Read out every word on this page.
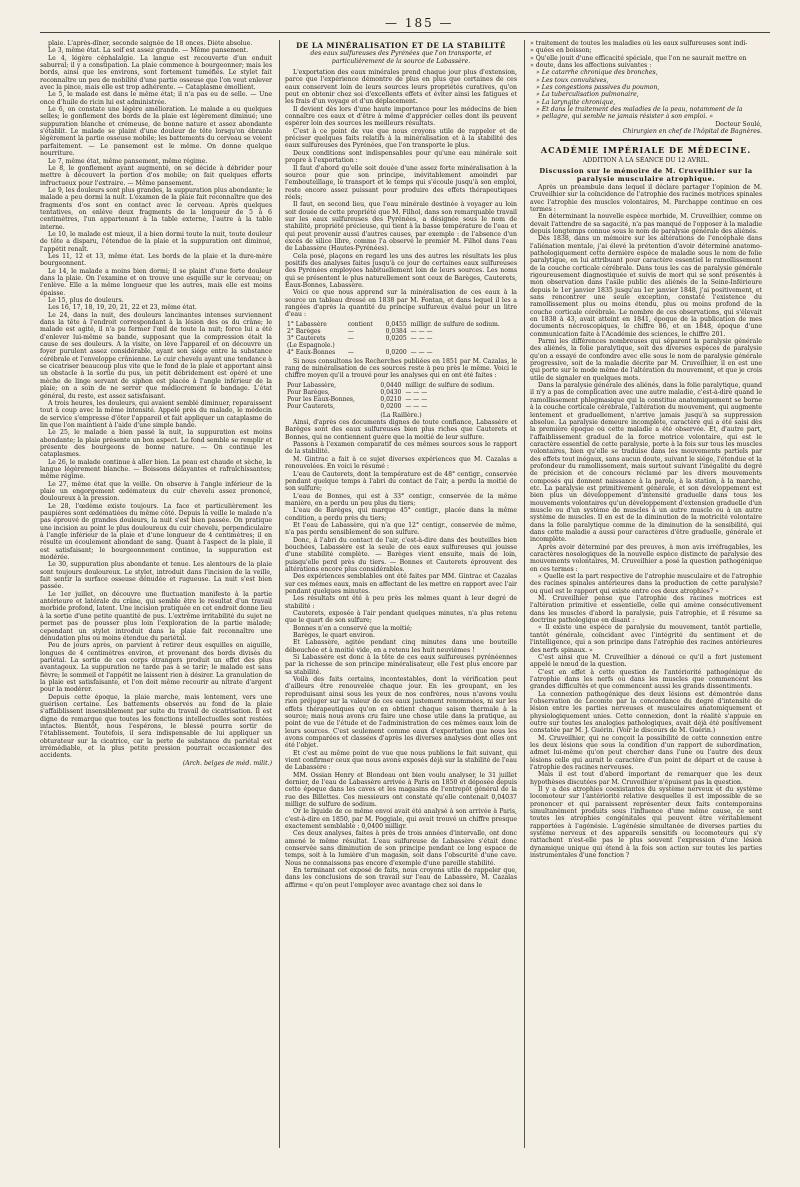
— 185 —

plaie. L'après-dîner, seconde saignée de 18 onces. Diète absolue.

Le 3, même état. La soif est assez grande. — Même pansement.

Le 4, légère céphalalgie. La langue est recouverte d'un enduit saburral; il y a constipation. La plaie commence à bourgeonner; mais les bords, ainsi que les environs, sont fortement tuméfiés. Le stylet fait reconnaître un peu de mobilité d'une partie osseuse que l'on veut enlever avec la pince, mais elle est trop adhérente. — Cataplasme émollient.

Le 5, le malade est dans le même état; il n'a pas eu de selle. — Une once d'huile de ricin lui est administrée.

Le 6, on constate une légère amélioration. Le malade a eu quelques selles; le gonflement des bords de la plaie est légèrement diminué; une suppuration blanche et crémeuse, de bonne nature et assez abondante s'établit. Le malade se plaint d'une douleur de tête lorsqu'on ébranle légèrement la partie osseuse mobile; les battements du cerveau se voient parfaitement. — Le pansement est le même. On donne quelque nourriture.

Le 7, même état, même pansement, même régime.

Le 8, le gonflement ayant augmenté, on se décide à débrider pour mettre à découvert la portion d'os mobile; on fait quelques efforts infructueux pour l'extraire. — Même pansement.

Le 9, les douleurs sont plus grandes, la suppuration plus abondante; le malade a peu dormi la nuit. L'examen de la plaie fait reconnaître que des fragments d'os sont en contact avec le cerveau. Après quelques tentatives, on enlève deux fragments de la longueur de 5 à 6 centimètres, l'un appartenant à la table externe, l'autre à la table interne.

Le 10, le malade est mieux, il a bien dormi toute la nuit, toute douleur de tête a disparu, l'étendue de la plaie et la suppuration ont diminué, l'appétit renaît.

Les 11, 12 et 13, même état. Les bords de la plaie et la dure-mère bourgeonnent.

Le 14, le malade a moins bien dormi; il se plaint d'une forte douleur dans la plaie. On l'examine et on trouve une esquille sur le cerveau; on l'enlève. Elle a la même longueur que les autres, mais elle est moins épaisse.

Le 15, plus de douleurs.

Les 16, 17, 18, 19, 20, 21, 22 et 23, même état.

Le 24, dans la nuit, des douleurs lancinantes intenses surviennent dans la tête à l'endroit correspondant à la lésion des os du crâne; le malade est agité, il n'a pu fermer l'œil de toute la nuit; force lui a été d'enlever lui-même sa bande, supposant que la compression était la cause de ses douleurs. A la visite, on lève l'appareil et on découvre un foyer purulent assez considérable, ayant son siége entre la substance cérébrale et l'enveloppe crânienne. Le cuir chevelu ayant une tendance à se cicatriser beaucoup plus vite que le fond de la plaie et apportant ainsi un obstacle à la sortie du pus, un petit débridement est opéré et une mèche de linge servant de siphon est placée à l'angle inférieur de la plaie; on a soin de ne serrer que médiocrement le bandage. L'état général, du reste, est assez satisfaisant.

A trois heures, les douleurs, qui avaient semblé diminuer, reparaissent tout à coup avec la même intensité. Appelé près du malade, le médecin de service s'empresse d'ôter l'appareil et fait appliquer un cataplasme de lin que l'on maintient à l'aide d'une simple bande.

Le 25, le malade a bien passé la nuit, la suppuration est moins abondante; la plaie présente un bon aspect. Le fond semble se remplir et présente des bourgeons de bonne nature. — On continue les cataplasmes.

Le 26, le malade continue à aller bien. La peau est chaude et sèche, la langue légèrement blanche. — Boissons délayantes et rafraîchissantes; même régime.

Le 27, même état que la veille. On observe à l'angle inférieur de la plaie un engorgement œdémateux du cuir chevelu assez prononcé, douloureux à la pression.

Le 28, l'œdème existe toujours. La face et particulièrement les paupières sont œdématiées du même côté. Depuis la veille le malade n'a pas éprouvé de grandes douleurs, la nuit s'est bien passée. On pratique une incision au point le plus douloureux du cuir chevelu, perpendiculaire à l'angle inférieur de la plaie et d'une longueur de 4 centimètres; il en résulte un écoulement abondant de sang. Quant à l'aspect de la plaie, il est satisfaisant; le bourgeonnement continue, la suppuration est modérée.

Le 30, suppuration plus abondante et tenue. Les alentours de la plaie sont toujours douloureux. Le stylet, introduit dans l'incision de la veille, fait sentir la surface osseuse dénudée et rugueuse. La nuit s'est bien passée.

Le 1er juillet, on découvre une fluctuation manifeste à la partie antérieure et latérale du crâne, qui semble être le résultat d'un travail morbide profond, latent. Une incision pratiquée en cet endroit donne lieu à la sortie d'une petite quantité de pus. L'extrême irritabilité du sujet ne permet pas de pousser plus loin l'exploration de la partie malade; cependant un stylet introduit dans la plaie fait reconnaître une dénudation plus ou moins étendue du pariétal.

Peu de jours après, on parvient à retirer deux esquilles en aiguille, longues de 4 centimètres environ, et provenant des bords divisés du pariétal. La sortie de ces corps étrangers produit un effet des plus avantageux. La suppuration ne tarde pas à se tarir; le malade est sans fièvre; le sommeil et l'appétit ne laissent rien à désirer. La granulation de la plaie est satisfaisante, et l'on doit même recourir au nitrate d'argent pour la modérer.

Depuis cette époque, la plaie marche, mais lentement, vers une guérison certaine. Les battements observés au fond de la plaie s'affaiblissent insensiblement par suite du travail de cicatrisation. Il est digne de remarque que toutes les fonctions intellectuelles sont restées intactes. Bientôt, nous l'espérons, le blessé pourra sortir de l'établissement. Toutefois, il sera indispensable de lui appliquer un obturateur sur la cicatrice, car la perte de substance du pariétal est irrémédiable, et la plus petite pression pourrait occasionner des accidents.

(Arch. belges de méd. milit.)

DE LA MINÉRALISATION ET DE LA STABILITÉ
des eaux sulfureuses des Pyrénées que l'on transporte, et particulièrement de la source de Labassère.

L'exportation des eaux minérales prend chaque jour plus d'extension, parce que l'expérience démontre de plus en plus que certaines de ces eaux conservent loin de leurs sources leurs propriétés curatives, qu'on peut en obtenir chez soi d'excellents effets et éviter ainsi les fatigues et les frais d'un voyage et d'un déplacement.

Il devient dès lors d'une haute importance pour les médecins de bien connaître ces eaux et d'être à même d'apprécier celles dont ils peuvent espérer loin des sources les meilleurs résultats.

C'est à ce point de vue que nous croyons utile de rappeler et de préciser quelques faits relatifs à la minéralisation et à la stabilité des eaux sulfureuses des Pyrénées, que l'on transporte le plus.

Deux conditions sont indispensables pour qu'une eau minérale soit propre à l'exportation :

Il faut d'abord qu'elle soit douée d'une assez forte minéralisation à la source pour que son principe, inévitablement amoindri par l'embouteillage, le transport et le temps qui s'écoule jusqu'à son emploi, reste encore assez puissant pour produire des effets thérapeutiques réels;

Il faut, en second lieu, que l'eau minérale destinée à voyager au loin soit douée de cette propriété que M. Filhol, dans son remarquable travail sur les eaux sulfureuses des Pyrénées, a désignée sous le nom de stabilité, propriété précieuse, qui tient à la basse température de l'eau et qui peut provenir aussi d'autres causes, par exemple : de l'absence d'un excès de silice libre, comme l'a observé le premier M. Filhol dans l'eau de Labassère (Hautes-Pyrénées).

Cela posé, plaçons en regard les uns des autres les résultats les plus positifs des analyses faites jusqu'à ce jour de certaines eaux sulfureuses des Pyrénées employées habituellement loin de leurs sources. Les noms qui se présentent le plus naturellement sont ceux de Barèges, Cauterets, Eaux-Bonnes, Labassère.

Voici ce que nous apprend sur la minéralisation de ces eaux à la source un tableau dressé en 1838 par M. Fontan, et dans lequel il les a rangées d'après la quantité du principe sulfureux évalué pour un litre d'eau :

1° Labassère	contient	0,0455	milligr. de sulfure de sodium.
2° Barèges	—	0,0384	— — —
3° Cauterets	—	0,0205	— — —
(Le Espagnole.)			
4° Eaux-Bonnes	—	0,0200	— — —

Si nous consultons les Recherches publiées en 1851 par M. Cazalas, le rang de minéralisation de ces sources reste à peu près le même. Voici le chiffre moyen qu'il a trouvé pour les analyses qui en ont été faites :

Pour Labassère,	0,0440	milligr. de sulfure de sodium.
Pour Barèges,	0,0430	— — —
Pour les Eaux-Bonnes,	0,0210	— — —
Pour Cauterets,	0,0200	— — —

(La Raillère.)

Ainsi, d'après ces documents dignes de toute confiance, Labassère et Barèges sont des eaux sulfureuses bien plus riches que Cauterets et Bonnes, qui ne contiennent guère que la moitié de leur sulfure.

Passons à l'examen comparatif de ces mêmes sources sous le rapport de la stabilité.

M. Gintrac a fait à ce sujet diverses expériences que M. Cazalas a renouvelées. En voici le résumé :

L'eau de Cauterets, dont la température est de 48° centigr., conservée pendant quelque temps à l'abri du contact de l'air, a perdu la moitié de son sulfure;

L'eau de Bonnes, qui est à 33° centigr., conservée de la même manière, en a perdu un peu plus du tiers;

L'eau de Barèges, qui marque 45° centigr., placée dans la même condition, a perdu près du tiers;

Et l'eau de Labassère, qui n'a que 12° centigr., conservée de même, n'a pas perdu sensiblement de son sulfure.

Donc, à l'abri du contact de l'air, c'est-à-dire dans des bouteilles bien bouchées, Labassère est la seule de ces eaux sulfureuses qui jouisse d'une stabilité complète. — Barèges vient ensuite, mais de loin, puisqu'elle perd près du tiers. — Bonnes et Cauterets éprouvent des altérations encore plus considérables.

Des expériences semblables ont été faites par MM. Gintrac et Cazalas sur ces mêmes eaux, mais en affectant de les mettre en rapport avec l'air pendant quelques minutes.

Les résultats ont été à peu près les mêmes quant à leur degré de stabilité :

Cauterets, exposée à l'air pendant quelques minutes, n'a plus retenu que le quart de son sulfure;

Bonnes n'en a conservé que la moitié;

Barèges, le quart environ.

Et Labassère, agitée pendant cinq minutes dans une bouteille débouchée et à moitié vide, en a retenu les huit neuvièmes !

Si Labassère est donc à la tête de ces eaux sulfureuses pyrénéennes par la richesse de son principe minéralisateur, elle l'est plus encore par sa stabilité.

Voilà des faits certains, incontestables, dont la vérification peut d'ailleurs être renouvelée chaque jour. En les groupant, en les reproduisant ainsi sous les yeux de nos confrères, nous n'avons voulu rien préjuger sur la valeur de ces eaux justement renommées, ni sur les effets thérapeutiques qu'on en obtient chaque saison thermale à la source; mais nous avons cru faire une chose utile dans la pratique, au point de vue de l'étude et de l'administration de ces mêmes eaux loin de leurs sources. C'est seulement comme eaux d'exportation que nous les avons comparées et classées d'après les diverses analyses dont elles ont été l'objet.

Et c'est au même point de vue que nous publions le fait suivant, qui vient confirmer ceux que nous avons exposés déjà sur la stabilité de l'eau de Labassère :

MM. Ossian Henry et Blondeau ont bien voulu analyser, le 31 juillet dernier, de l'eau de Labassère arrivée à Paris en 1850 et déposée depuis cette époque dans les caves et les magasins de l'entrepôt général de la rue des Billettes. Ces messieurs ont constaté qu'elle contenait 0,04037 milligr. de sulfure de sodium.

Or le liquide de ce même envoi avait été analysé à son arrivée à Paris, c'est-à-dire en 1850, par M. Poggiale, qui avait trouvé un chiffre presque exactement semblable : 0,0400 milligr.

Ces deux analyses, faites à près de trois années d'intervalle, ont donc amené le même résultat. L'eau sulfureuse de Labassère s'était donc conservée sans diminution de son principe pendant ce long espace de temps, soit à la lumière d'un magasin, soit dans l'obscurité d'une cave. Nous ne connaissons pas encore d'exemple d'une pareille stabilité.

En terminant cet exposé de faits, nous croyons utile de rappeler que, dans les conclusions de son travail sur l'eau de Labassère, M. Cazalas affirme « qu'on peut l'employer avec avantage chez soi dans le

» traitement de toutes les maladies où les eaux sulfureuses sont indi-

» quées en boisson;

» Qu'elle jouit d'une efficacité spéciale, que l'on ne saurait mettre en

» doute, dans les affections suivantes :

» Le catarrhe chronique des bronches,

» Les toux convulsives,

» Les congestions passives du poumon,

» La tuberculisation pulmonaire,

» La laryngite chronique,

» Et dans le traitement des maladies de la peau, notamment de la

» pellagre, qui semble ne jamais résister à son emploi. »

Docteur Soulé,

Chirurgien en chef de l'hôpital de Bagnères.

ACADÉMIE IMPÉRIALE DE MÉDECINE.
ADDITION À LA SÉANCE DU 12 AVRIL.
Discussion sur le mémoire de M. Cruveilhier sur la paralysie musculaire atrophique.

Après un préambule dans lequel il déclare partager l'opinion de M. Cruveilhier sur la coïncidence de l'atrophie des racines motrices spinales avec l'atrophie des muscles volontaires, M. Parchappe continue en ces termes :

En déterminant la nouvelle espèce morbide, M. Cruveilhier, comme on devait l'attendre de sa sagacité, n'a pas manqué de l'opposer à la maladie depuis longtemps connue sous le nom de paralysie générale des aliénés.

Dès 1838, dans un mémoire sur les altérations de l'encéphale dans l'aliénation mentale, j'ai élevé la prétention d'avoir déterminé anatomo-pathologiquement cette dernière espèce de maladie sous le nom de folie paralytique, en lui attribuant pour caractère essentiel le ramollissement de la couche corticale cérébrale. Dans tous les cas de paralysie générale rigoureusement diagnostiquée et suivis de mort qui se sont présentés à mon observation dans l'asile public des aliénés de la Seine-Inférieure depuis le 1er janvier 1835 jusqu'au 1er janvier 1848, j'ai positivement, et sans rencontrer une seule exception, constaté l'existence du ramollissement plus ou moins étendu, plus ou moins profond de la couche corticale cérébrale. Le nombre de ces observations, qui s'élevait en 1838 à 43, avait atteint en 1841, époque de la publication de mes documents nécroscopiques, le chiffre 86, et en 1848, époque d'une communication faite à l'Académie des sciences, le chiffre 201.

Parmi les différences nombreuses qui séparent la paralysie générale des aliénés, la folie paralytique, soit des diverses espèces de paralysie qu'on a essayé de confondre avec elle sous le nom de paralysie générale progressive, soit de la maladie décrite par M. Cruveilhier, il en est une qui porte sur le mode même de l'altération du mouvement, et que je crois utile de signaler en quelques mots.

Dans la paralysie générale des aliénés, dans la folie paralytique, quand il n'y a pas de complication avec une autre maladie, c'est-à-dire quand le ramollissement phlegmasique qui la constitue anatomiquement se borne à la couche corticale cérébrale, l'altération du mouvement, qui augmente lentement et graduellement, n'arrive jamais jusqu'à sa suppression absolue. La paralysie demeure incomplète, caractère qui a été saisi dès la première époque où cette maladie a été observée. Et, d'autre part, l'affaiblissement graduel de la force motrice volontaire, qui est le caractère essentiel de cette paralysie, porte à la fois sur tous les muscles volontaires, bien qu'elle se traduise dans les mouvements partiels par des effets tout inégaux, sans aucun doute, suivant le siége, l'étendue et la profondeur du ramollissement, mais surtout suivant l'inégalité du degré de précision et de concours réclamé par les divers mouvements composés qui donnent naissance à la parole, à la station, à la marche, etc. La paralysie est primitivement générale, et son développement est bien plus un développement d'intensité graduelle dans tous les mouvements volontaires qu'un développement d'extension graduelle d'un muscle ou d'un système de muscles à un autre muscle ou à un autre système de muscles. Il en est de la diminution de la motricité volontaire dans la folie paralytique comme de la diminution de la sensibilité, qui dans cette maladie a aussi pour caractères d'être graduelle, générale et incomplète.

Après avoir déterminé par des preuves, à mon avis irréfragables, les caractères nosologiques de la nouvelle espèce distincte de paralysie des mouvements volontaires, M. Cruveilhier a posé la question pathogénique en ces termes :

« Quelle est la part respective de l'atrophie musculaire et de l'atrophie des racines spinales antérieures dans la production de cette paralysie? ou quel est le rapport qui existe entre ces deux atrophies? »

M. Cruveilhier pense que l'atrophie des racines motrices est l'altération primitive et essentielle, celle qui amène consécutivement dans les muscles d'abord la paralysie, puis l'atrophie, et il résume sa doctrine pathologique en disant :

« Il existe une espèce de paralysie du mouvement, tantôt partielle, tantôt générale, coïncidant avec l'intégrité du sentiment et de l'intelligence, qui a son principe dans l'atrophie des racines antérieures des nerfs spinaux. »

C'est ainsi que M. Cruveilhier a dénoué ce qu'il a fort justement appelé le nœud de la question.

C'est en effet à cette question de l'antériorité pathogénique de l'atrophie dans les nerfs ou dans les muscles que commencent les grandes difficultés et que commencent aussi les grands dissentiments.

La connexion pathogénique des deux lésions est démontrée dans l'observation de Lecomte par la concordance du degré d'intensité de lésion entre les parties nerveuses et musculaires anatomiquement et physiologiquement unies. Cette connexion, dont la réalité s'appuie en outre sur toutes les analogies pathologiques, avait déjà été positivement constatée par M. J. Guérin. (Voir le discours de M. Guérin.)

M. Cruveilhier, qui ne conçoit la possibilité de cette connexion entre les deux lésions que sous la condition d'un rapport de subordination, admet lui-même qu'on peut chercher dans l'une ou l'autre des deux lésions celle qui aurait le caractère d'un point de départ et de cause à l'atrophie des racines nerveuses.

Mais il est tout d'abord important de remarquer que les deux hypothèses discutées par M. Cruveilhier n'épuisent pas la question.

Il y a des atrophies coexistantes du système nerveux et du système locomoteur sur l'antériorité relative desquelles il est impossible de se prononcer et qui paraissent représenter deux faits contemporains simultanément produits sous l'influence d'une même cause, ce sont toutes les atrophies congénitales qui peuvent être véritablement rapportées à l'agénésie. L'agénésie simultanée de diverses parties du système nerveux et des appareils sensitifs ou locomoteurs qui s'y rattachent n'est-elle pas le plus souvent l'expression d'une lésion dynamique unique qui étend à la fois son action sur toutes les parties instrumentales d'une fonction ?
